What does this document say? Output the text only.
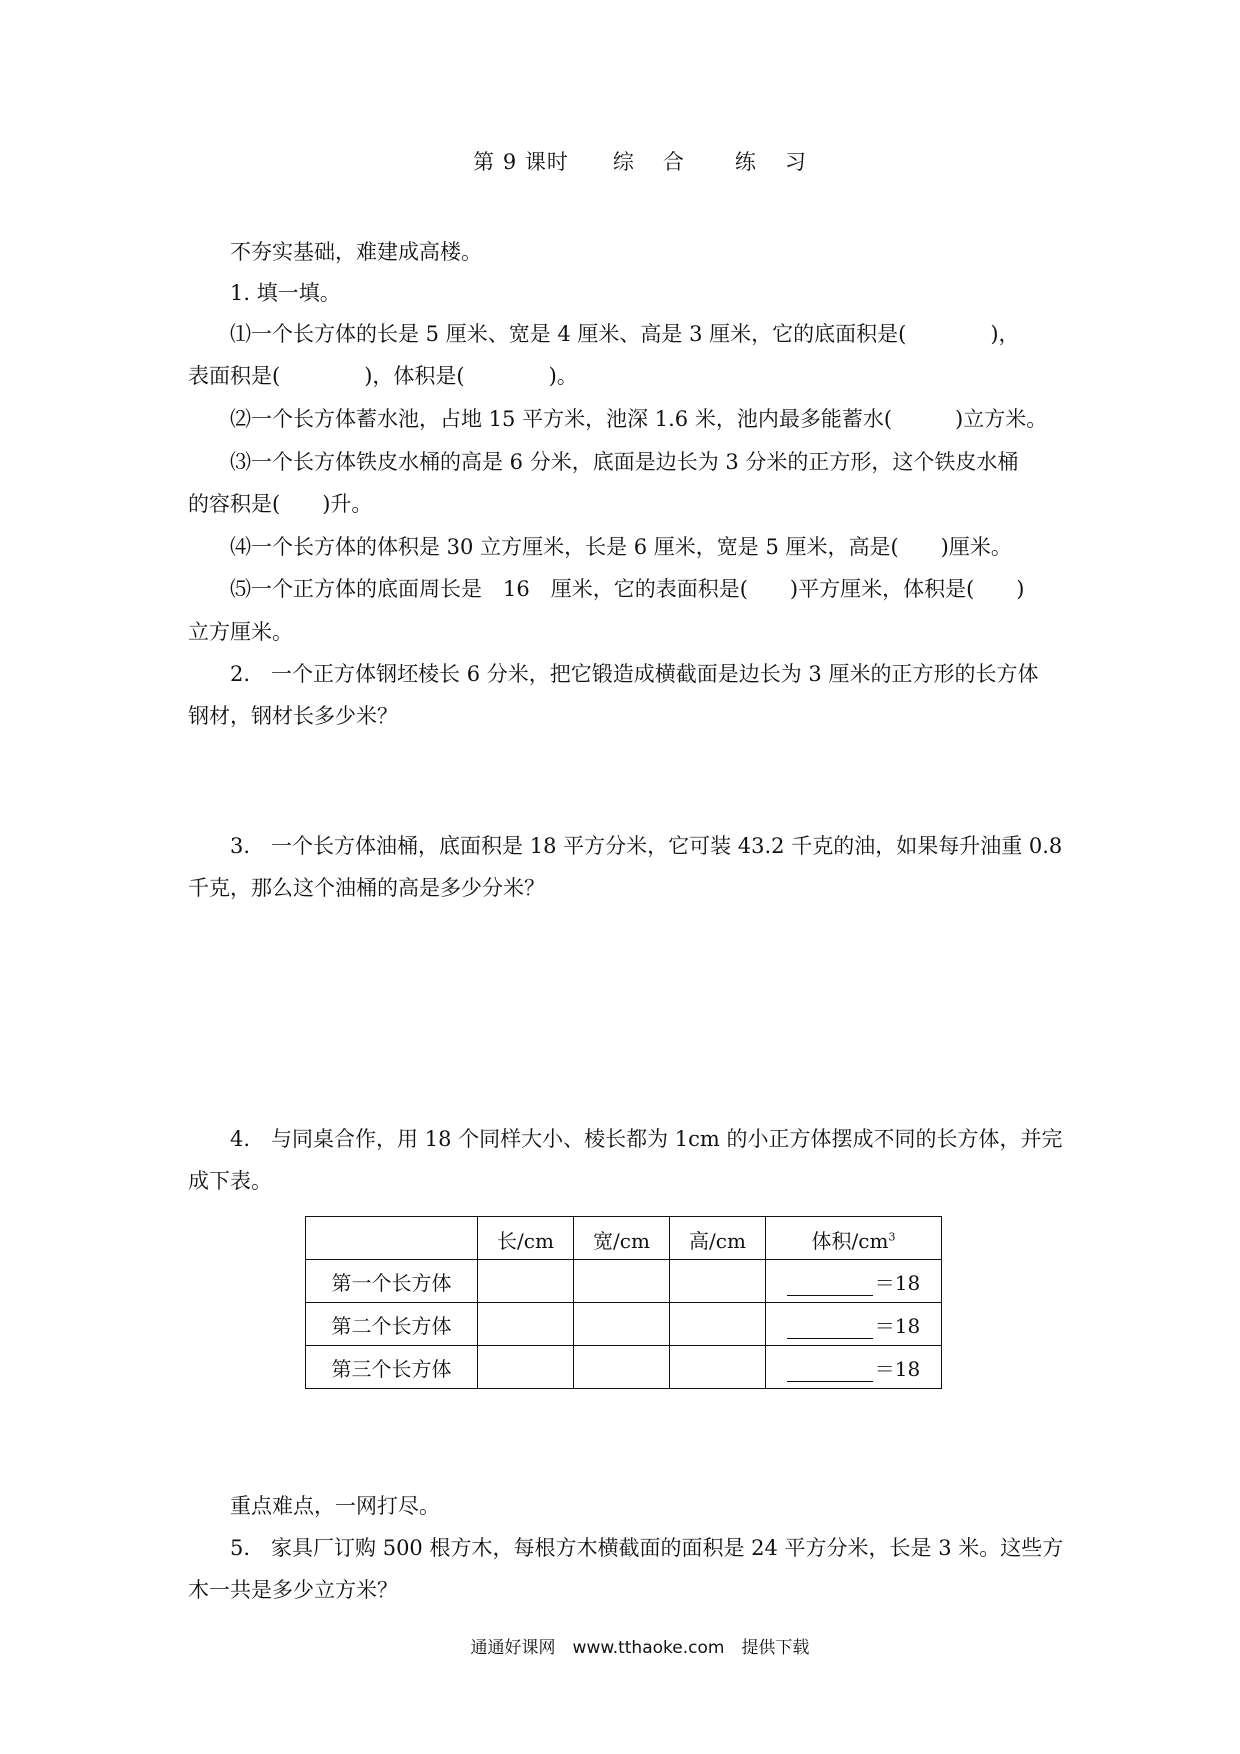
第 9 课时 综 合 练 习
不夯实基础，难建成高楼。
1. 填一填。
⑴一个长方体的长是 5 厘米、宽是 4 厘米、高是 3 厘米，它的底面积是(　　　　)，
表面积是(　　　　)，体积是(　　　　)。
⑵一个长方体蓄水池，占地 15 平方米，池深 1.6 米，池内最多能蓄水(　　　)立方米。
⑶一个长方体铁皮水桶的高是 6 分米，底面是边长为 3 分米的正方形，这个铁皮水桶
的容积是(　　)升。
⑷一个长方体的体积是 30 立方厘米，长是 6 厘米，宽是 5 厘米，高是(　　)厘米。
⑸一个正方体的底面周长是　16　厘米，它的表面积是(　　)平方厘米，体积是(　　)
立方厘米。
2.　一个正方体钢坯棱长 6 分米，把它锻造成横截面是边长为 3 厘米的正方形的长方体
钢材，钢材长多少米？
3.　一个长方体油桶，底面积是 18 平方分米，它可装 43.2 千克的油，如果每升油重 0.8
千克，那么这个油桶的高是多少分米？
4.　与同桌合作，用 18 个同样大小、棱长都为 1cm 的小正方体摆成不同的长方体，并完
成下表。
	长/cm	宽/cm	高/cm	体积$/cm^3$
第一个长方体				＝18
第二个长方体				＝18
第三个长方体				＝18
重点难点，一网打尽。
5.　家具厂订购 500 根方木，每根方木横截面的面积是 24 平方分米，长是 3 米。这些方
木一共是多少立方米？
通通好课网　www.tthaoke.com　提供下载
